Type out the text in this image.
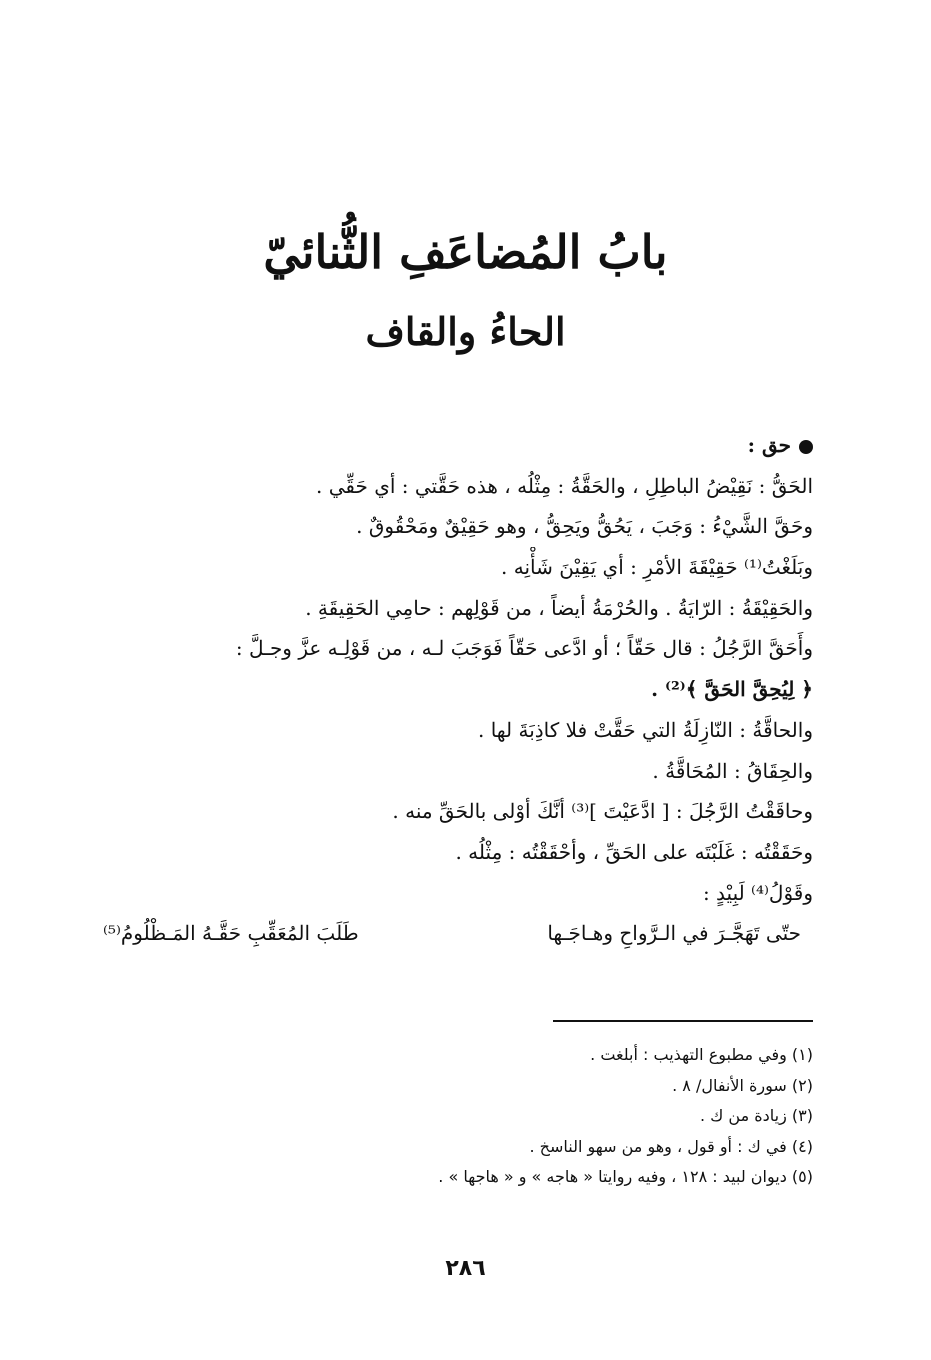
بابُ المُضاعَفِ الثُّنائيّ
الحاءُ والقاف
حق :
الحَقُّ : نَقِيْضُ الباطِلِ ، والحَقَّةُ : مِثْلُه ، هذه حَقَّتي : أي حَقِّي .
وحَقَّ الشَّيْءُ : وَجَبَ ، يَحُقُّ ويَحِقُّ ، وهو حَقِيْقٌ ومَحْقُوقٌ .
وبَلَغْتُ⁽¹⁾ حَقِيْقَةَ الأمْرِ : أي يَقِيْنَ شَأْنِه .
والحَقِيْقَةُ : الرّايَةُ . والحُرْمَةُ أيضاً ، من قَوْلِهم : حامِي الحَقِيقَةِ .
وأَحَقَّ الرَّجُلُ : قال حَقّاً ؛ أو ادَّعى حَقّاً فَوَجَبَ لـه ، من قَوْلِـه عزَّ وجـلَّ :
﴿ لِيُحِقَّ الحَقَّ ﴾⁽²⁾ .
والحاقَّةُ : النّازِلَةُ التي حَقَّتْ فلا كاذِبَةَ لها .
والحِقَاقُ : المُحَاقَّةُ .
وحاقَقْتُ الرَّجُلَ : [ ادَّعَيْتَ ]⁽³⁾ أنَّكَ أوْلى بالحَقِّ منه .
وحَقَقْتُه : غَلَبْتَه على الحَقِّ ، وأحْقَقْتُه : مِثْلُه .
وقَوْلُ⁽⁴⁾ لَبِيْدٍ :
حتّى تَهَجَّـرَ في الـرَّواحِ وهـاجَـها
طَلَبَ المُعَقِّبِ حَقَّـهُ المَـظْلُومُ⁽⁵⁾
(١) وفي مطبوع التهذيب : أبلغت .
(٢) سورة الأنفال/ ٨ .
(٣) زيادة من ك .
(٤) في ك : أو قول ، وهو من سهو الناسخ .
(٥) ديوان لبيد : ١٢٨ ، وفيه روايتا « هاجه » و « هاجها » .
٢٨٦
